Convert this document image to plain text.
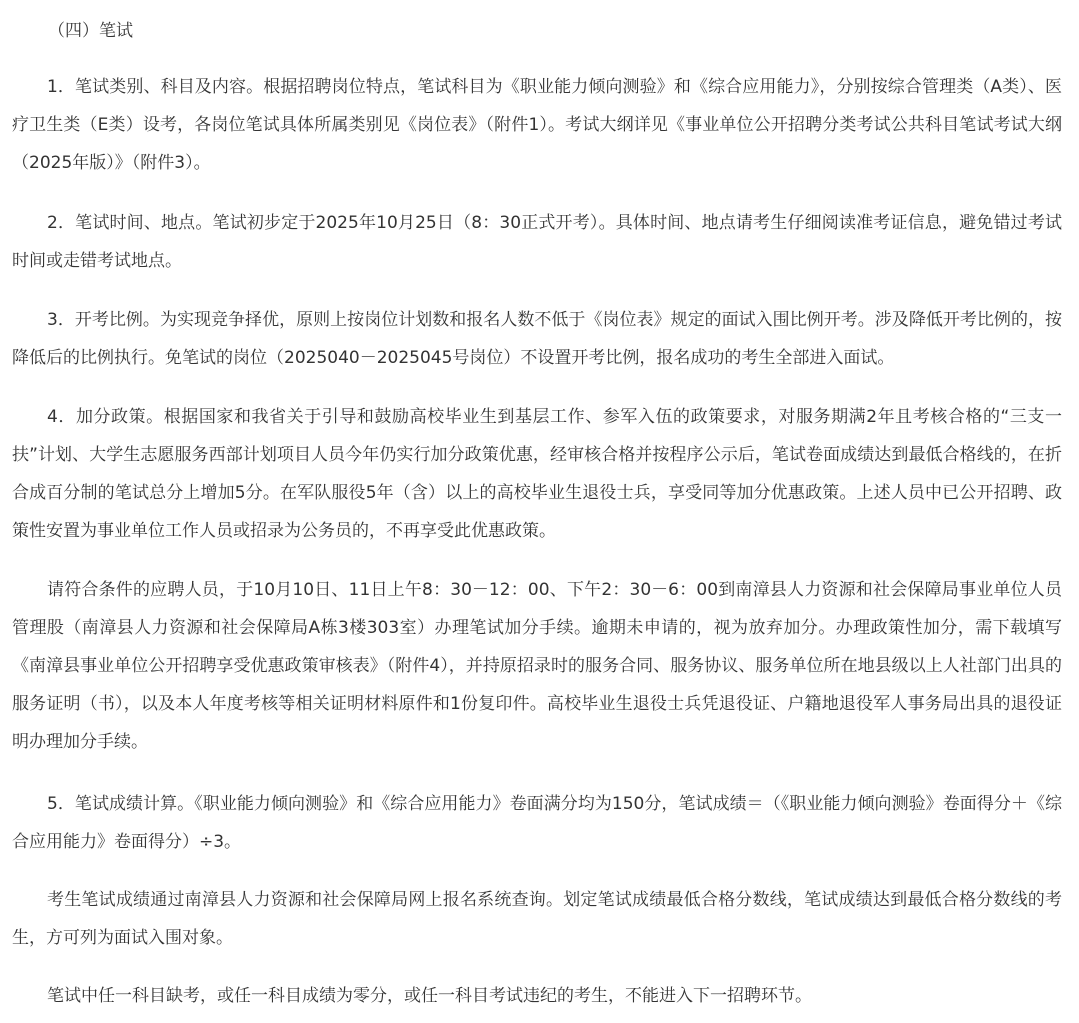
（四）笔试

1．笔试类别、科目及内容。根据招聘岗位特点，笔试科目为《职业能力倾向测验》和《综合应用能力》，分别按综合管理类（A类）、医疗卫生类（E类）设考，各岗位笔试具体所属类别见《岗位表》（附件1）。考试大纲详见《事业单位公开招聘分类考试公共科目笔试考试大纲（2025年版）》（附件3）。

2．笔试时间、地点。笔试初步定于2025年10月25日（8：30正式开考）。具体时间、地点请考生仔细阅读准考证信息，避免错过考试时间或走错考试地点。

3．开考比例。为实现竞争择优，原则上按岗位计划数和报名人数不低于《岗位表》规定的面试入围比例开考。涉及降低开考比例的，按降低后的比例执行。免笔试的岗位（2025040－2025045号岗位）不设置开考比例，报名成功的考生全部进入面试。

4．加分政策。根据国家和我省关于引导和鼓励高校毕业生到基层工作、参军入伍的政策要求，对服务期满2年且考核合格的“三支一扶”计划、大学生志愿服务西部计划项目人员今年仍实行加分政策优惠，经审核合格并按程序公示后，笔试卷面成绩达到最低合格线的，在折合成百分制的笔试总分上增加5分。在军队服役5年（含）以上的高校毕业生退役士兵，享受同等加分优惠政策。上述人员中已公开招聘、政策性安置为事业单位工作人员或招录为公务员的，不再享受此优惠政策。

请符合条件的应聘人员，于10月10日、11日上午8：30－12：00、下午2：30－6：00到南漳县人力资源和社会保障局事业单位人员管理股（南漳县人力资源和社会保障局A栋3楼303室）办理笔试加分手续。逾期未申请的，视为放弃加分。办理政策性加分，需下载填写《南漳县事业单位公开招聘享受优惠政策审核表》（附件4），并持原招录时的服务合同、服务协议、服务单位所在地县级以上人社部门出具的服务证明（书），以及本人年度考核等相关证明材料原件和1份复印件。高校毕业生退役士兵凭退役证、户籍地退役军人事务局出具的退役证明办理加分手续。

5．笔试成绩计算。《职业能力倾向测验》和《综合应用能力》卷面满分均为150分，笔试成绩＝（《职业能力倾向测验》卷面得分＋《综合应用能力》卷面得分）÷3。

考生笔试成绩通过南漳县人力资源和社会保障局网上报名系统查询。划定笔试成绩最低合格分数线，笔试成绩达到最低合格分数线的考生，方可列为面试入围对象。

笔试中任一科目缺考，或任一科目成绩为零分，或任一科目考试违纪的考生，不能进入下一招聘环节。
